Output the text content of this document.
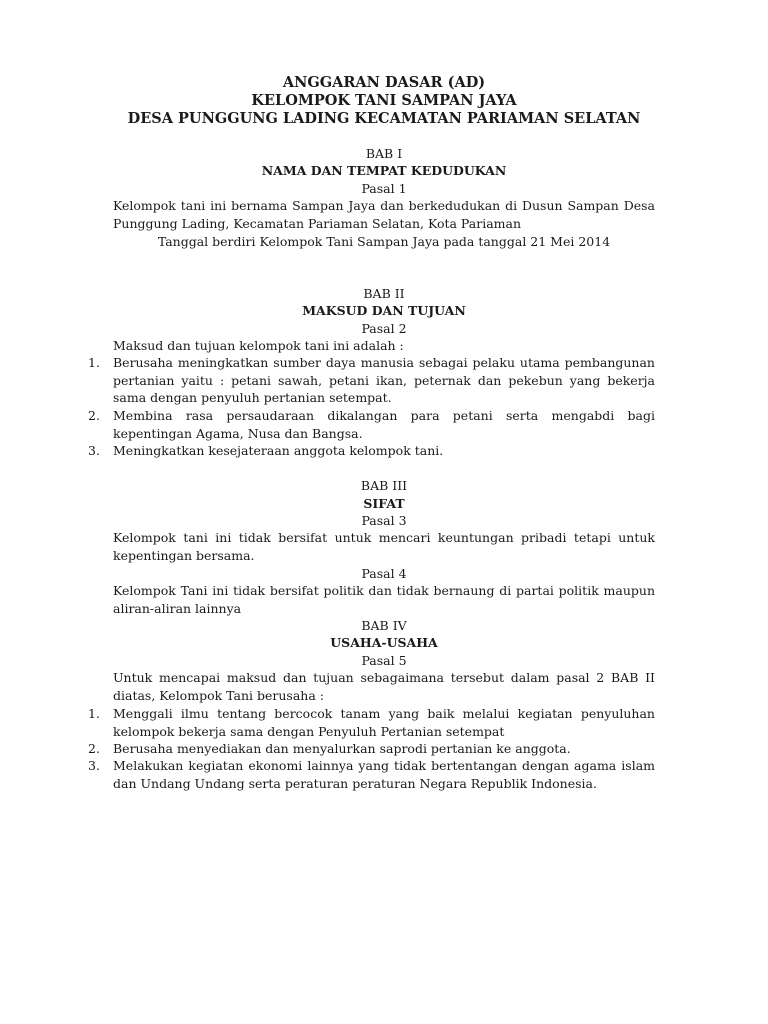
ANGGARAN DASAR (AD)
KELOMPOK TANI SAMPAN JAYA
DESA PUNGGUNG LADING KECAMATAN PARIAMAN SELATAN
BAB I
NAMA DAN TEMPAT KEDUDUKAN
Pasal 1
Kelompok tani ini bernama Sampan Jaya dan berkedudukan di Dusun Sampan Desa Punggung Lading, Kecamatan Pariaman Selatan, Kota Pariaman
Tanggal berdiri Kelompok Tani Sampan Jaya pada tanggal 21 Mei 2014
BAB II
MAKSUD DAN TUJUAN
Pasal 2
Maksud dan tujuan kelompok tani ini adalah :
1.	Berusaha meningkatkan sumber daya manusia sebagai pelaku utama pembangunan pertanian yaitu : petani sawah, petani ikan, peternak dan pekebun yang bekerja sama dengan penyuluh pertanian setempat.
2.	Membina rasa persaudaraan dikalangan para petani serta mengabdi bagi kepentingan Agama, Nusa dan Bangsa.
3.	Meningkatkan kesejateraan anggota kelompok tani.
BAB III
SIFAT
Pasal 3
Kelompok tani ini tidak bersifat untuk mencari keuntungan pribadi tetapi untuk kepentingan bersama.
Pasal 4
Kelompok Tani ini tidak bersifat politik dan tidak bernaung di partai politik maupun aliran-aliran lainnya
BAB IV
USAHA-USAHA
Pasal 5
Untuk mencapai maksud dan tujuan sebagaimana tersebut dalam pasal 2 BAB II diatas, Kelompok Tani berusaha :
1.	Menggali ilmu tentang bercocok tanam yang baik melalui kegiatan penyuluhan kelompok bekerja sama dengan Penyuluh Pertanian setempat
2.	Berusaha menyediakan dan menyalurkan saprodi pertanian ke anggota.
3.	Melakukan kegiatan ekonomi lainnya yang tidak bertentangan dengan agama islam dan Undang Undang serta peraturan peraturan Negara Republik Indonesia.
